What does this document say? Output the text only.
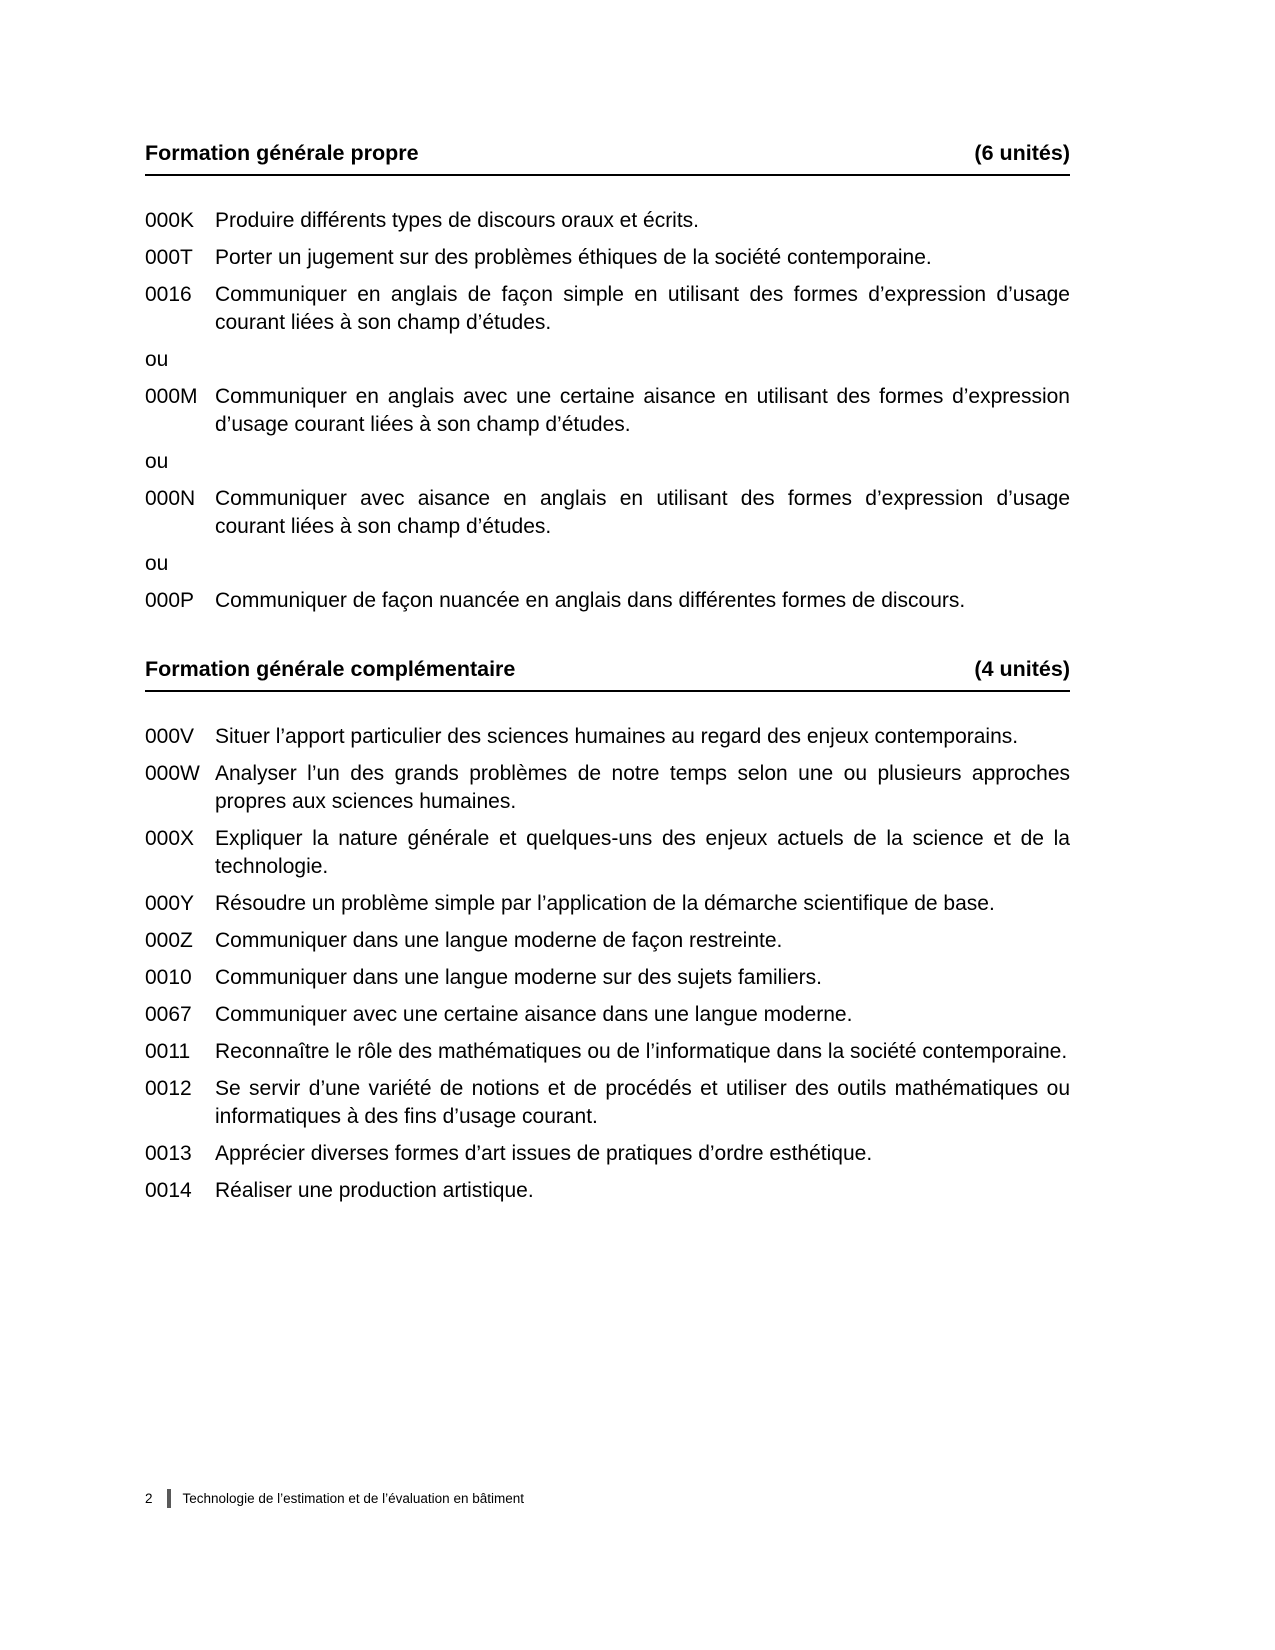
Formation générale propre	(6 unités)
000K Produire différents types de discours oraux et écrits.
000T	Porter un jugement sur des problèmes éthiques de la société contemporaine.
0016	Communiquer en anglais de façon simple en utilisant des formes d’expression d’usage courant liées à son champ d’études.
ou
000M Communiquer en anglais avec une certaine aisance en utilisant des formes d’expression d’usage courant liées à son champ d’études.
ou
000N Communiquer avec aisance en anglais en utilisant des formes d’expression d’usage courant liées à son champ d’études.
ou
000P Communiquer de façon nuancée en anglais dans différentes formes de discours.
Formation générale complémentaire	(4 unités)
000V Situer l’apport particulier des sciences humaines au regard des enjeux contemporains.
000W Analyser l’un des grands problèmes de notre temps selon une ou plusieurs approches propres aux sciences humaines.
000X Expliquer la nature générale et quelques-uns des enjeux actuels de la science et de la technologie.
000Y Résoudre un problème simple par l’application de la démarche scientifique de base.
000Z	Communiquer dans une langue moderne de façon restreinte.
0010	Communiquer dans une langue moderne sur des sujets familiers.
0067	Communiquer avec une certaine aisance dans une langue moderne.
0011	Reconnaître le rôle des mathématiques ou de l’informatique dans la société contemporaine.
0012	Se servir d’une variété de notions et de procédés et utiliser des outils mathématiques ou informatiques à des fins d’usage courant.
0013	Apprécier diverses formes d’art issues de pratiques d’ordre esthétique.
0014	Réaliser une production artistique.
2 Technologie de l’estimation et de l’évaluation en bâtiment
